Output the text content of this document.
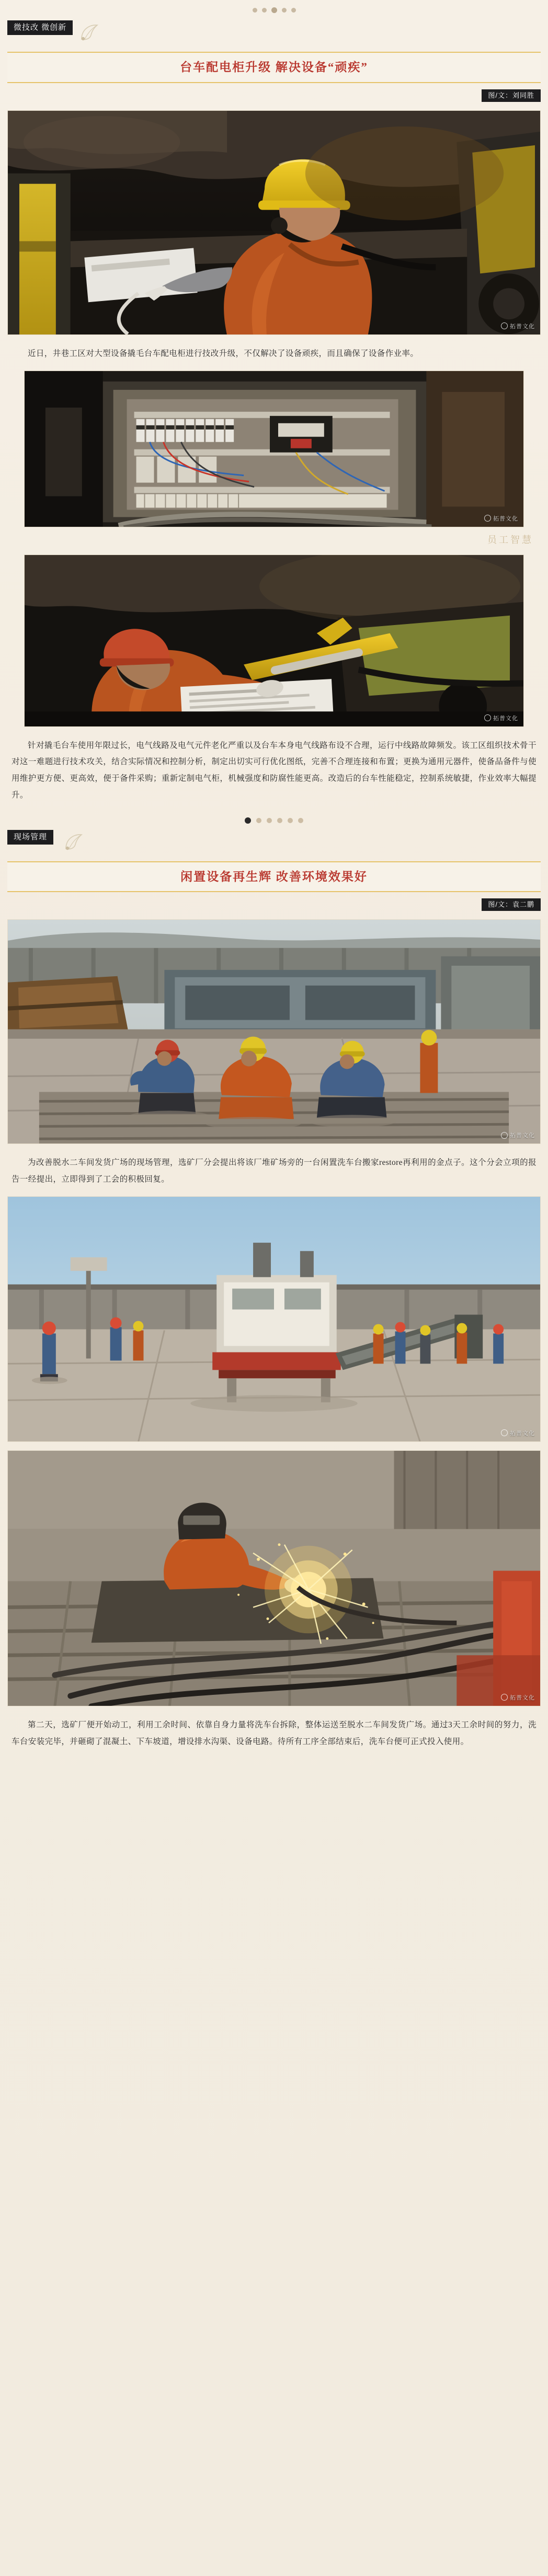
微技改 微创新
台车配电柜升级 解决设备“顽疾”
图/文：刘同胜
拓普文化

近日，井巷工区对大型设备撬毛台车配电柜进行技改升级，不仅解决了设备顽疾，而且确保了设备作业率。

拓普文化
员工智慧
拓普文化

针对撬毛台车使用年限过长，电气线路及电气元件老化严重以及台车本身电气线路布设不合理，运行中线路故障频发。该工区组织技术骨干对这一难题进行技术攻关，结合实际情况和控制分析，制定出切实可行优化图纸，完善不合理连接和布置；更换为通用元器件，使备品备件与使用维护更方便、更高效，便于备件采购；重新定制电气柜，机械强度和防腐性能更高。改造后的台车性能稳定，控制系统敏捷，作业效率大幅提升。

现场管理
闲置设备再生辉 改善环境效果好
图/文：袁二鹏
拓普文化

为改善脱水二车间发货广场的现场管理，选矿厂分会提出将该厂堆矿场旁的一台闲置洗车台搬家restore再利用的金点子。这个分会立项的报告一经提出，立即得到了工会的积极回复。

拓普文化
拓普文化

第二天，选矿厂便开始动工，利用工余时间、依靠自身力量将洗车台拆除，整体运送至脱水二车间发货广场。通过3天工余时间的努力，洗车台安装完毕，并砸砌了混凝土、下车坡道，增设排水沟渠、设备电路。待所有工序全部结束后，洗车台便可正式投入使用。
